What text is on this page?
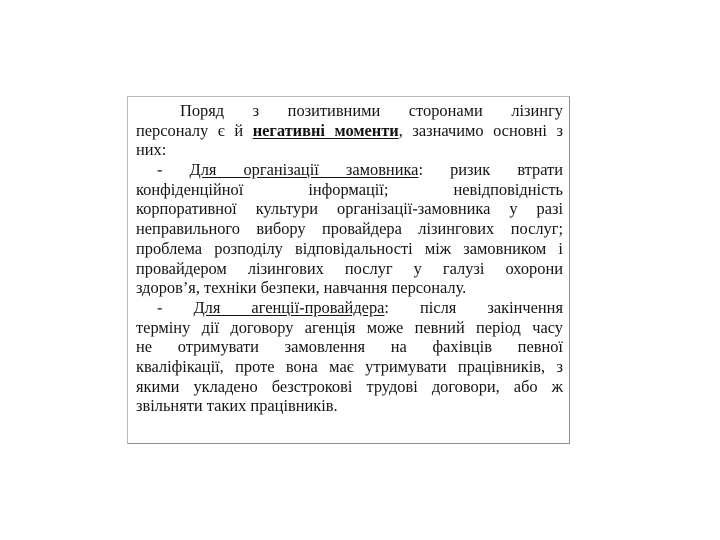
Поряд з позитивними сторонами лізингу
персоналу є й негативні моменти, зазначимо основні з
них:
- Для організації замовника: ризик втрати
конфіденційної інформації; невідповідність
корпоративної культури організації-замовника у разі
неправильного вибору провайдера лізингових послуг;
проблема розподілу відповідальності між замовником і
провайдером лізингових послуг у галузі охорони
здоров’я, техніки безпеки, навчання персоналу.
- Для агенції-провайдера: після закінчення
терміну дії договору агенція може певний період часу
не отримувати замовлення на фахівців певної
кваліфікації, проте вона має утримувати працівників, з
якими укладено безстрокові трудові договори, або ж
звільняти таких працівників.
